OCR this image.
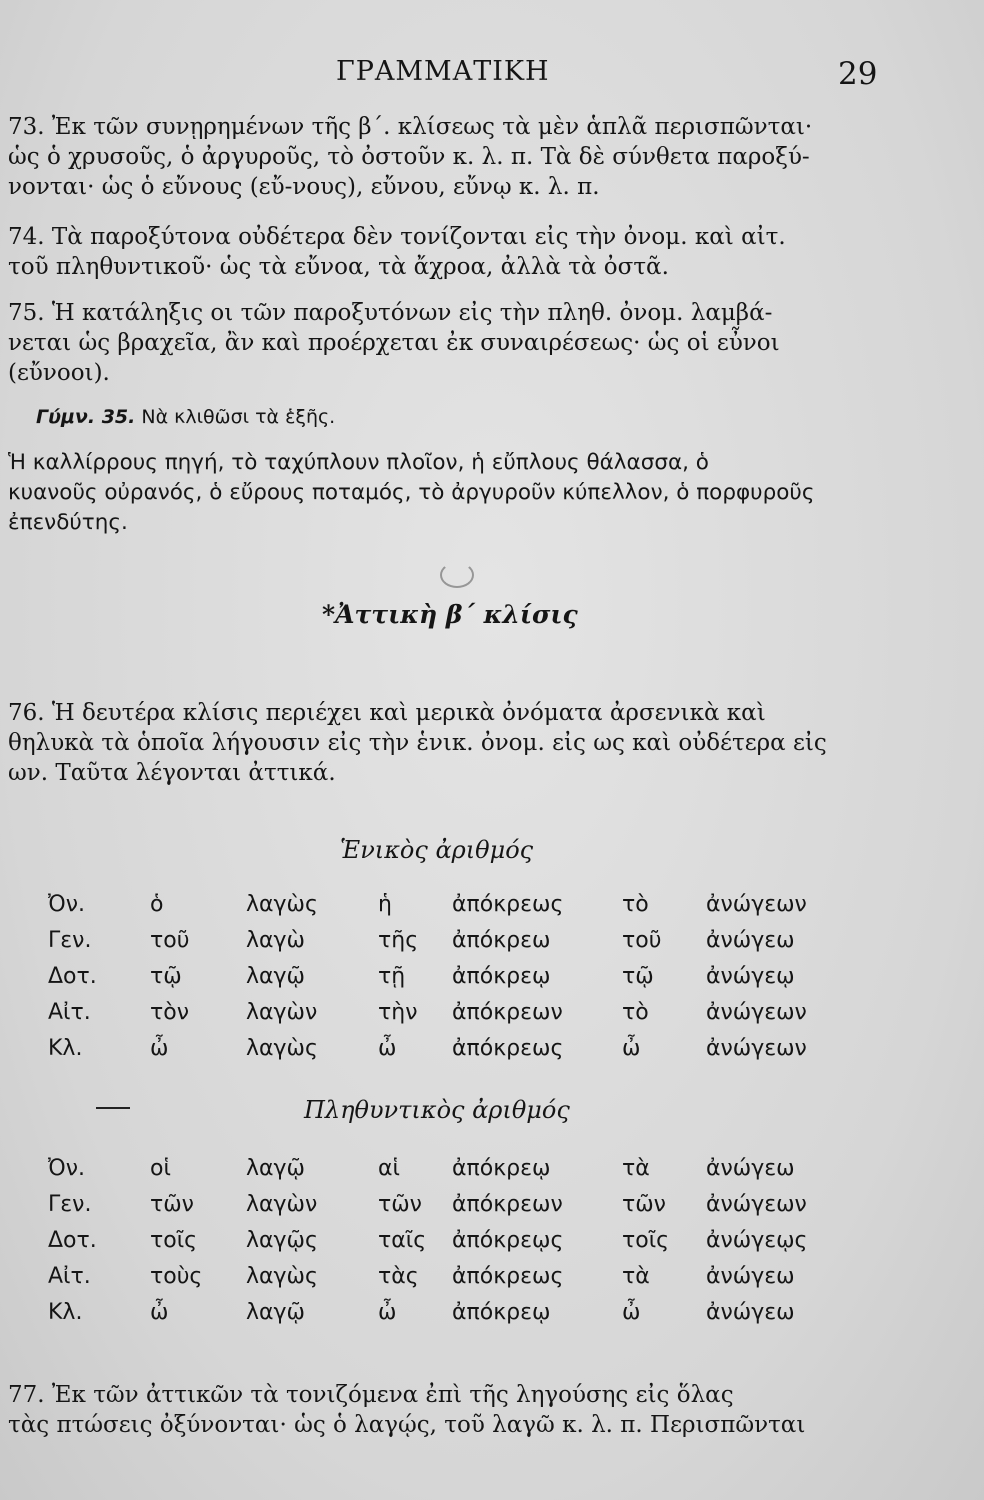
ΓΡΑΜΜΑΤΙΚΗ	29
73. Ἐκ τῶν συνῃρημένων τῆς β΄. κλίσεως τὰ μὲν ἁπλᾶ περισπῶνται·
ὡς ὁ χρυσοῦς, ὁ ἀργυροῦς, τὸ ὀστοῦν κ. λ. π. Τὰ δὲ σύνθετα παροξύ-
νονται· ὡς ὁ εὔνους (εὔ-νους), εὔνου, εὔνῳ κ. λ. π.
74. Τὰ παροξύτονα οὐδέτερα δὲν τονίζονται εἰς τὴν ὀνομ. καὶ αἰτ.
τοῦ πληθυντικοῦ· ὡς τὰ εὔνοα, τὰ ἄχροα, ἀλλὰ τὰ ὀστᾶ.
75. Ἡ κατάληξις οι τῶν παροξυτόνων εἰς τὴν πληθ. ὀνομ. λαμβά-
νεται ὡς βραχεῖα, ἂν καὶ προέρχεται ἐκ συναιρέσεως· ὡς οἱ εὖνοι
(εὔνοοι).
Γύμν. 35. Νὰ κλιθῶσι τὰ ἑξῆς.
Ἡ καλλίρρους πηγή, τὸ ταχύπλουν πλοῖον, ἡ εὔπλους θάλασσα, ὁ
κυανοῦς οὐρανός, ὁ εὔρους ποταμός, τὸ ἀργυροῦν κύπελλον, ὁ πορφυροῦς
ἐπενδύτης.
*Ἀττικὴ β΄ κλίσις
76. Ἡ δευτέρα κλίσις περιέχει καὶ μερικὰ ὀνόματα ἀρσενικὰ καὶ
θηλυκὰ τὰ ὁποῖα λήγουσιν εἰς τὴν ἑνικ. ὀνομ. εἰς ως καὶ οὐδέτερα εἰς
ων. Ταῦτα λέγονται ἀττικά.
Ἑνικὸς ἀριθμός
Ὀν.	ὁ	λαγὼς	ἡ	ἀπόκρεως	τὸ	ἀνώγεων
Γεν.	τοῦ	λαγὼ	τῆς ἀπόκρεω	τοῦ ἀνώγεω
Δοτ. τῷ	λαγῷ	τῇ ἀπόκρεῳ	τῷ ἀνώγεῳ
Αἰτ.	τὸν	λαγὼν	τὴν ἀπόκρεων	τὸ	ἀνώγεων
Κλ.	ὦ	λαγὼς	ὦ	ἀπόκρεως	ὦ	ἀνώγεων
Πληθυντικὸς ἀριθμός
Ὀν.	οἱ	λαγῷ	αἱ ἀπόκρεῳ	τὰ	ἀνώγεω
Γεν.	τῶν λαγὼν	τῶν ἀπόκρεων	τῶν ἀνώγεων
Δοτ. τοῖς λαγῷς	ταῖς ἀπόκρεῳς	τοῖς ἀνώγεῳς
Αἰτ.	τοὺς λαγὼς	τὰς ἀπόκρεως	τὰ	ἀνώγεω
Κλ.	ὦ	λαγῷ	ὦ	ἀπόκρεῳ	ὦ	ἀνώγεω
77. Ἐκ τῶν ἀττικῶν τὰ τονιζόμενα ἐπὶ τῆς ληγούσης εἰς ὅλας
τὰς πτώσεις ὀξύνονται· ὡς ὁ λαγῴς, τοῦ λαγῶ κ. λ. π. Περισπῶνται
